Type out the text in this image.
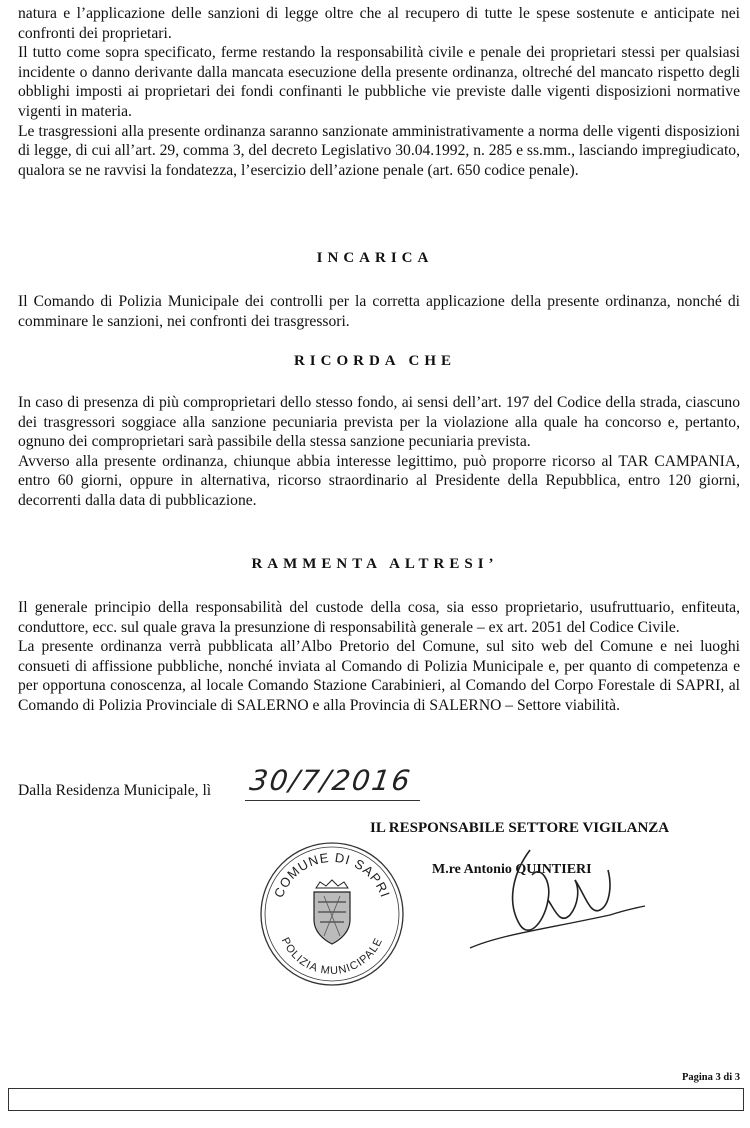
natura e l’applicazione delle sanzioni di legge oltre che al recupero di tutte le spese sostenute e anticipate nei confronti dei proprietari.
Il tutto come sopra specificato, ferme restando la responsabilità civile e penale dei proprietari stessi per qualsiasi incidente o danno derivante dalla mancata esecuzione della presente ordinanza, oltreché del mancato rispetto degli obblighi imposti ai proprietari dei fondi confinanti le pubbliche vie previste dalle vigenti disposizioni normative vigenti in materia.
Le trasgressioni alla presente ordinanza saranno sanzionate amministrativamente a norma delle vigenti disposizioni di legge, di cui all’art. 29, comma 3, del decreto Legislativo 30.04.1992, n. 285 e ss.mm., lasciando impregiudicato, qualora se ne ravvisi la fondatezza, l’esercizio dell’azione penale (art. 650 codice penale).
INCARICA
Il Comando di Polizia Municipale dei controlli per la corretta applicazione della presente ordinanza, nonché di comminare le sanzioni, nei confronti dei trasgressori.
RICORDA CHE
In caso di presenza di più comproprietari dello stesso fondo, ai sensi dell’art. 197 del Codice della strada, ciascuno dei trasgressori soggiace alla sanzione pecuniaria prevista per la violazione alla quale ha concorso e, pertanto, ognuno dei comproprietari sarà passibile della stessa sanzione pecuniaria prevista.
Avverso alla presente ordinanza, chiunque abbia interesse legittimo, può proporre ricorso al TAR CAMPANIA, entro 60 giorni, oppure in alternativa, ricorso straordinario al Presidente della Repubblica, entro 120 giorni, decorrenti dalla data di pubblicazione.
RAMMENTA ALTRESI’
Il generale principio della responsabilità del custode della cosa, sia esso proprietario, usufruttuario, enfiteuta, conduttore, ecc. sul quale grava la presunzione di responsabilità generale – ex art. 2051 del Codice Civile.
La presente ordinanza verrà pubblicata all’Albo Pretorio del Comune, sul sito web del Comune e nei luoghi consueti di affissione pubbliche, nonché inviata al Comando di Polizia Municipale e, per quanto di competenza e per opportuna conoscenza, al locale Comando Stazione Carabinieri, al Comando del Corpo Forestale di SAPRI, al Comando di Polizia Provinciale di SALERNO e alla Provincia di SALERNO – Settore viabilità.
Dalla Residenza Municipale, lì 30/7/2016
IL RESPONSABILE SETTORE VIGILANZA
M.re Antonio QUINTIERI
COMUNE DI SAPRI
POLIZIA MUNICIPALE
Pagina 3 di 3
